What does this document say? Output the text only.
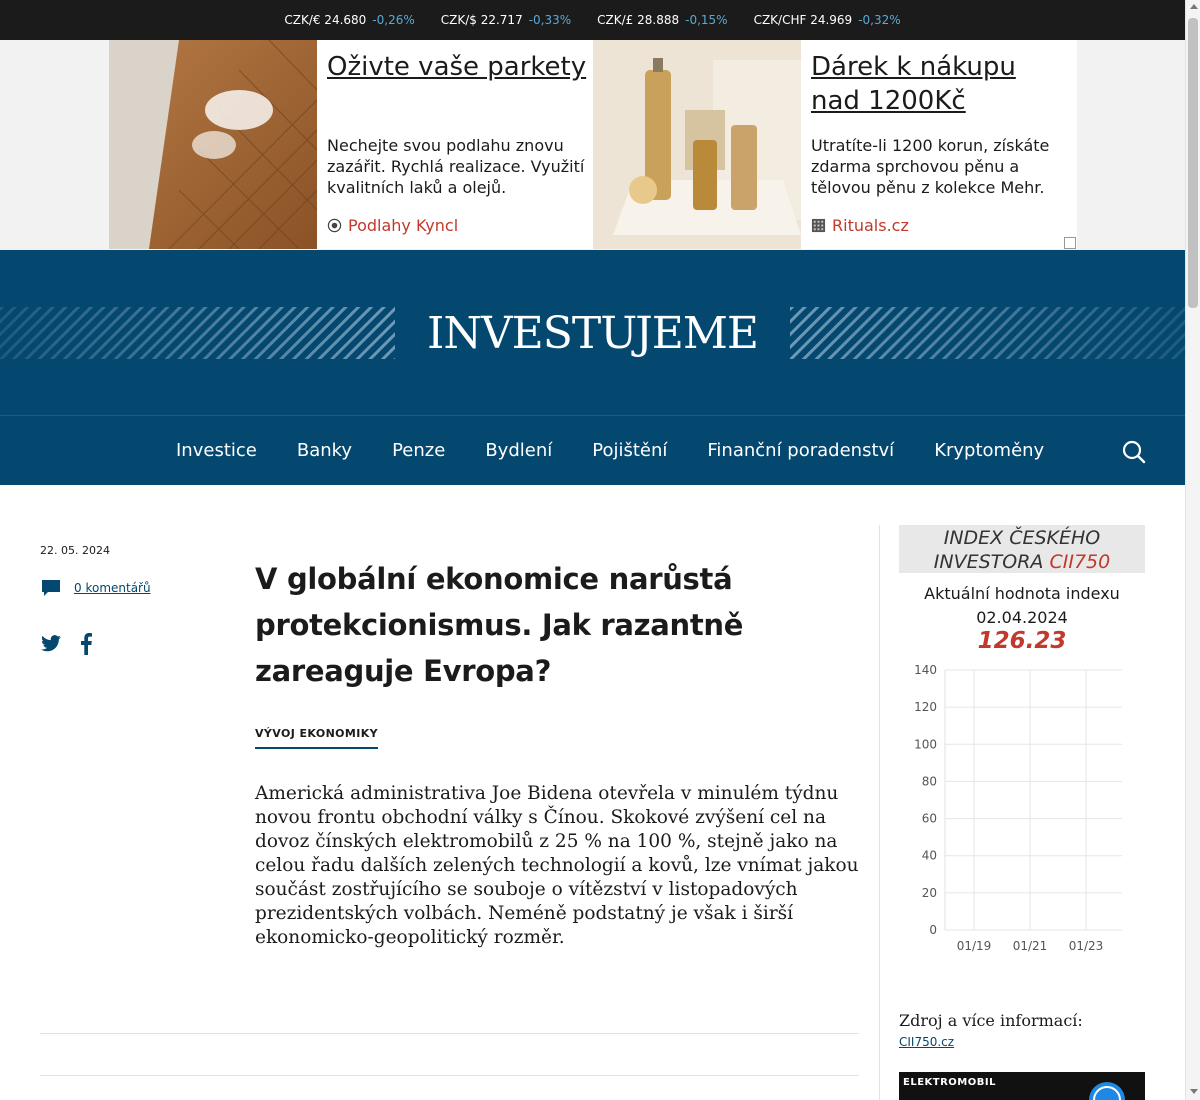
CZK/€ 24.680 -0,26% CZK/$ 22.717 -0,33% CZK/£ 28.888 -0,15% CZK/CHF 24.969 -0,32%
Oživte vaše parkety
Nechejte svou podlahu znovu zazářit. Rychlá realizace. Využití kvalitních laků a olejů.
Podlahy Kyncl
Dárek k nákupu nad 1200Kč
Utratíte-li 1200 korun, získáte zdarma sprchovou pěnu a tělovou pěnu z kolekce Mehr.
Rituals.cz
INVESTUJEME
Investice	Banky	Penze	Bydlení	Pojištění	Finanční poradenství	Kryptoměny
22. 05. 2024
0 komentářů	V globální ekonomice narůstá protekcionismus. Jak razantně zareaguje Evropa?
VÝVOJ EKONOMIKY

Americká administrativa Joe Bidena otevřela v minulém týdnu novou frontu obchodní války s Čínou. Skokové zvýšení cel na dovoz čínských elektromobilů z 25 % na 100 %, stejně jako na celou řadu dalších zelených technologií a kovů, lze vnímat jakou součást zostřujícího se souboje o vítězství v listopadových prezidentských volbách. Neméně podstatný je však i širší ekonomicko-geopolitický rozměr.

INDEX ČESKÉHO INVESTORA CII750
Aktuální hodnota indexu
02.04.2024
126.23
0
20
40
60
80
100
120
140
01/19 01/21 01/23
Zdroj a více informací:
CII750.cz
ELEKTROMOBIL
